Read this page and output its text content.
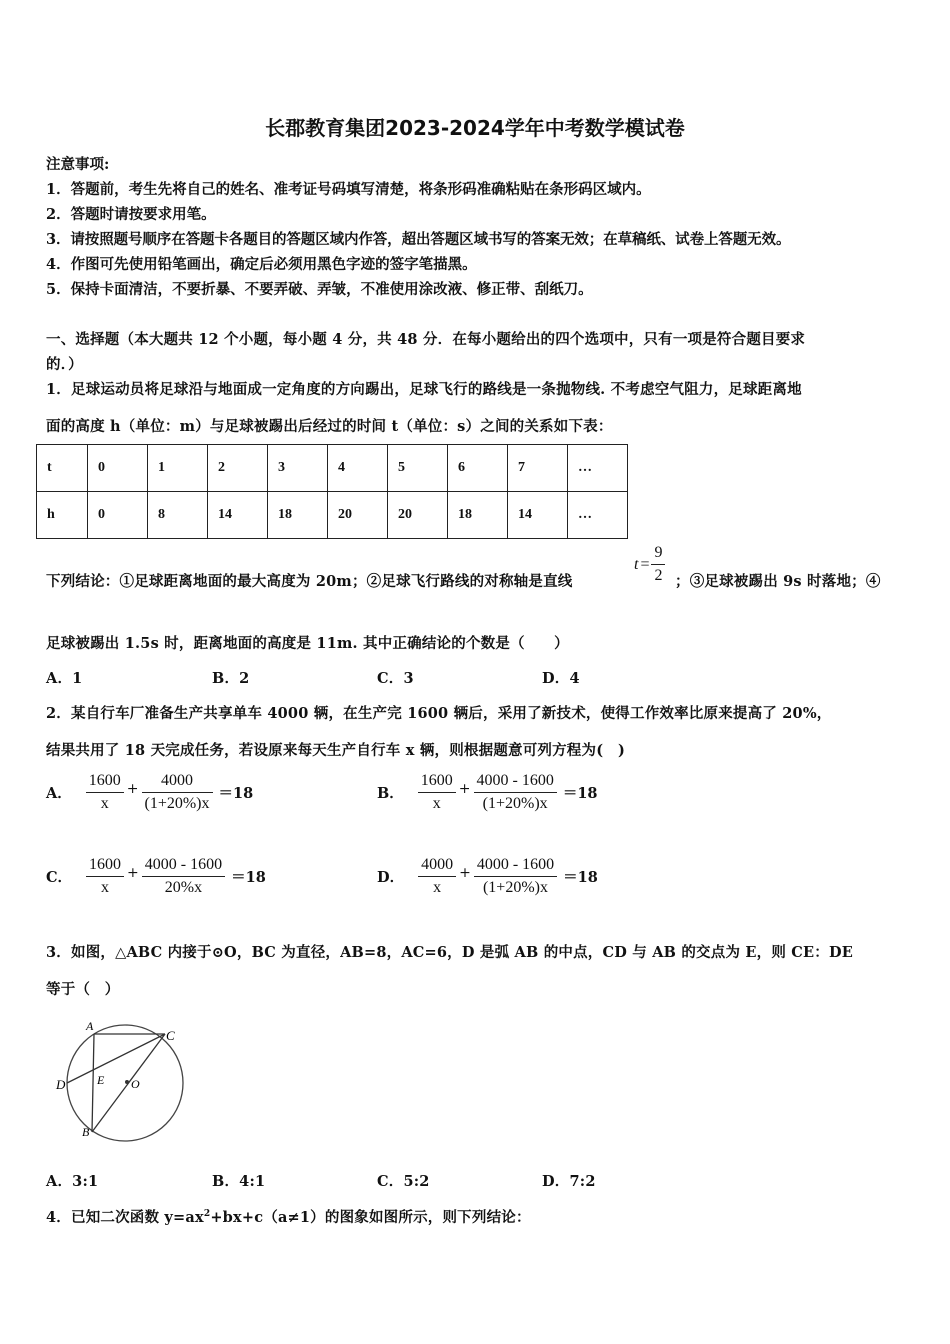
长郡教育集团2023-2024学年中考数学模试卷
注意事项:
1．答题前，考生先将自己的姓名、准考证号码填写清楚，将条形码准确粘贴在条形码区域内。
2．答题时请按要求用笔。
3．请按照题号顺序在答题卡各题目的答题区域内作答，超出答题区域书写的答案无效；在草稿纸、试卷上答题无效。
4．作图可先使用铅笔画出，确定后必须用黑色字迹的签字笔描黑。
5．保持卡面清洁，不要折暴、不要弄破、弄皱，不准使用涂改液、修正带、刮纸刀。
一、选择题（本大题共 12 个小题，每小题 4 分，共 48 分．在每小题给出的四个选项中，只有一项是符合题目要求
的．）
1．足球运动员将足球沿与地面成一定角度的方向踢出，足球飞行的路线是一条抛物线. 不考虑空气阻力，足球距离地
面的高度 h（单位：m）与足球被踢出后经过的时间 t（单位：s）之间的关系如下表：
t	0	1	2	3	4	5	6	7	…
h	0	8	14	18	20	20	18	14	…
下列结论：①足球距离地面的最大高度为 20m；②足球飞行路线的对称轴是直线
$t = \frac{9}{2}$ ；③足球被踢出 9s 时落地；④
足球被踢出 1.5s 时，距离地面的高度是 11m. 其中正确结论的个数是（　　）
A．1	B．2	C．3	D．4
2．某自行车厂准备生产共享单车 4000 辆，在生产完 1600 辆后，采用了新技术，使得工作效率比原来提高了 20%，
结果共用了 18 天完成任务，若设原来每天生产自行车 x 辆，则根据题意可列方程为(　)
A． $\frac{1600}{x} + \frac{4000}{(1+20\%)x} =18$	B． $\frac{1600}{x} + \frac{4000 - 1600}{(1+20\%)x} =18$
C． $\frac{1600}{x} + \frac{4000 - 1600}{20\%x} =18$	D． $\frac{4000}{x} + \frac{4000 - 1600}{(1+20\%)x} =18$
3．如图，△ABC 内接于⊙O，BC 为直径，AB=8，AC=6，D 是弧 AB 的中点，CD 与 AB 的交点为 E，则 CE：DE
等于（　）
A
C
D	E O
B
A．3:1	B．4:1	C．5:2	D．7:2
4．已知二次函数 $y=ax^2+bx+c(a\ne 1)$的图象如图所示，则下列结论：
